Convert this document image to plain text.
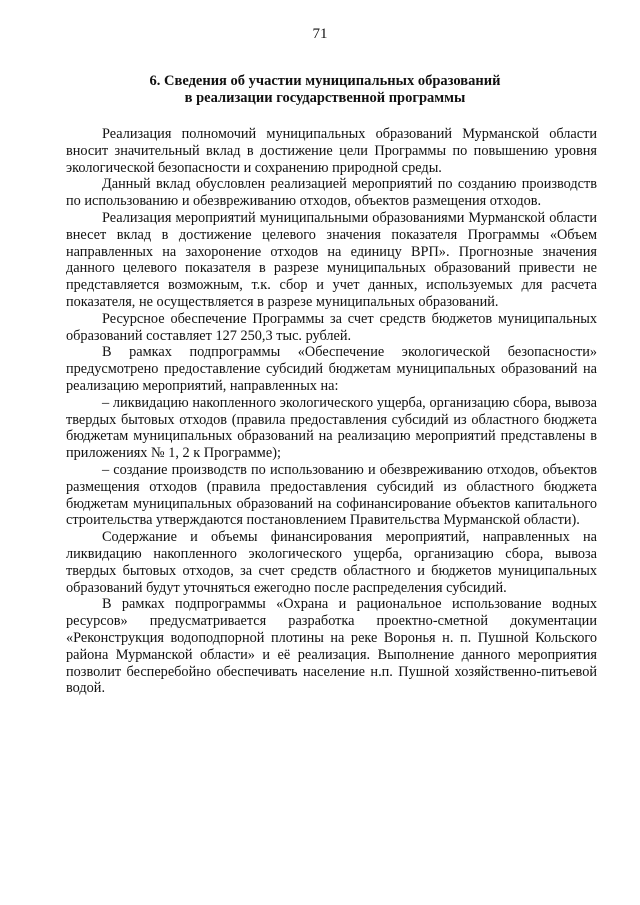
71
6. Сведения об участии муниципальных образований
в реализации государственной программы

Реализация полномочий муниципальных образований Мурманской области вносит значительный вклад в достижение цели Программы по повышению уровня экологической безопасности и сохранению природной среды.

Данный вклад обусловлен реализацией мероприятий по созданию производств по использованию и обезвреживанию отходов, объектов размещения отходов.

Реализация мероприятий муниципальными образованиями Мурманской области внесет вклад в достижение целевого значения показателя Программы «Объем направленных на захоронение отходов на единицу ВРП». Прогнозные значения данного целевого показателя в разрезе муниципальных образований привести не представляется возможным, т.к. сбор и учет данных, используемых для расчета показателя, не осуществляется в разрезе муниципальных образований.

Ресурсное обеспечение Программы за счет средств бюджетов муниципальных образований составляет 127 250,3 тыс. рублей.

В рамках подпрограммы «Обеспечение экологической безопасности» предусмотрено предоставление субсидий бюджетам муниципальных образований на реализацию мероприятий, направленных на:

– ликвидацию накопленного экологического ущерба, организацию сбора, вывоза твердых бытовых отходов (правила предоставления субсидий из областного бюджета бюджетам муниципальных образований на реализацию мероприятий представлены в приложениях № 1, 2 к Программе);

– создание производств по использованию и обезвреживанию отходов, объектов размещения отходов (правила предоставления субсидий из областного бюджета бюджетам муниципальных образований на софинансирование объектов капитального строительства утверждаются постановлением Правительства Мурманской области).

Содержание и объемы финансирования мероприятий, направленных на ликвидацию накопленного экологического ущерба, организацию сбора, вывоза твердых бытовых отходов, за счет средств областного и бюджетов муниципальных образований будут уточняться ежегодно после распределения субсидий.

В рамках подпрограммы «Охрана и рациональное использование водных ресурсов» предусматривается разработка проектно-сметной документации «Реконструкция водоподпорной плотины на реке Воронья н. п. Пушной Кольского района Мурманской области» и её реализация. Выполнение данного мероприятия позволит бесперебойно обеспечивать население н.п. Пушной хозяйственно-питьевой водой.
